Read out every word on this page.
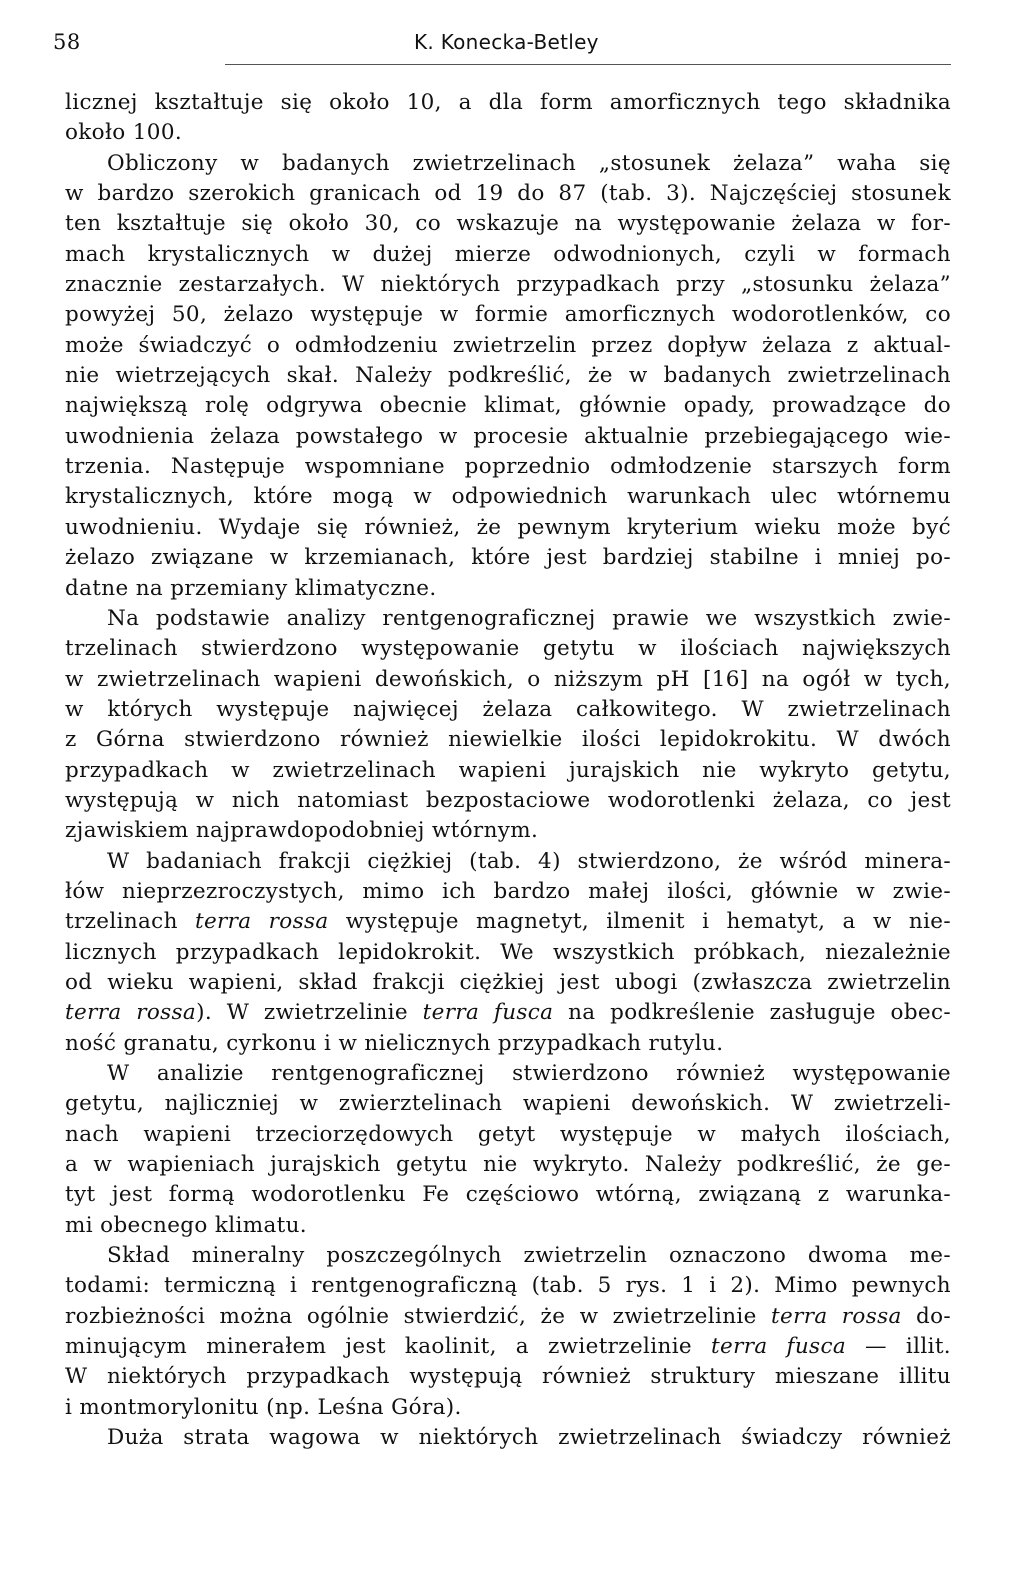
58	K. Konecka-Betley
licznej kształtuje się około 10, a dla form amorficznych tego składnika
około 100.
Obliczony w badanych zwietrzelinach „stosunek żelaza” waha się
w bardzo szerokich granicach od 19 do 87 (tab. 3). Najczęściej stosunek
ten kształtuje się około 30, co wskazuje na występowanie żelaza w for-
mach krystalicznych w dużej mierze odwodnionych, czyli w formach
znacznie zestarzałych. W niektórych przypadkach przy „stosunku żelaza”
powyżej 50, żelazo występuje w formie amorficznych wodorotlenków, co
może świadczyć o odmłodzeniu zwietrzelin przez dopływ żelaza z aktual-
nie wietrzejących skał. Należy podkreślić, że w badanych zwietrzelinach
największą rolę odgrywa obecnie klimat, głównie opady, prowadzące do
uwodnienia żelaza powstałego w procesie aktualnie przebiegającego wie-
trzenia. Następuje wspomniane poprzednio odmłodzenie starszych form
krystalicznych, które mogą w odpowiednich warunkach ulec wtórnemu
uwodnieniu. Wydaje się również, że pewnym kryterium wieku może być
żelazo związane w krzemianach, które jest bardziej stabilne i mniej po-
datne na przemiany klimatyczne.
Na podstawie analizy rentgenograficznej prawie we wszystkich zwie-
trzelinach stwierdzono występowanie getytu w ilościach największych
w zwietrzelinach wapieni dewońskich, o niższym pH [16] na ogół w tych,
w których występuje najwięcej żelaza całkowitego. W zwietrzelinach
z Górna stwierdzono również niewielkie ilości lepidokrokitu. W dwóch
przypadkach w zwietrzelinach wapieni jurajskich nie wykryto getytu,
występują w nich natomiast bezpostaciowe wodorotlenki żelaza, co jest
zjawiskiem najprawdopodobniej wtórnym.
W badaniach frakcji ciężkiej (tab. 4) stwierdzono, że wśród minera-
łów nieprzezroczystych, mimo ich bardzo małej ilości, głównie w zwie-
trzelinach terra rossa występuje magnetyt, ilmenit i hematyt, a w nie-
licznych przypadkach lepidokrokit. We wszystkich próbkach, niezależnie
od wieku wapieni, skład frakcji ciężkiej jest ubogi (zwłaszcza zwietrzelin
terra rossa). W zwietrzelinie terra fusca na podkreślenie zasługuje obec-
ność granatu, cyrkonu i w nielicznych przypadkach rutylu.
W analizie rentgenograficznej stwierdzono również występowanie
getytu, najliczniej w zwierztelinach wapieni dewońskich. W zwietrzeli-
nach wapieni trzeciorzędowych getyt występuje w małych ilościach,
a w wapieniach jurajskich getytu nie wykryto. Należy podkreślić, że ge-
tyt jest formą wodorotlenku Fe częściowo wtórną, związaną z warunka-
mi obecnego klimatu.
Skład mineralny poszczególnych zwietrzelin oznaczono dwoma me-
todami: termiczną i rentgenograficzną (tab. 5 rys. 1 i 2). Mimo pewnych
rozbieżności można ogólnie stwierdzić, że w zwietrzelinie terra rossa do-
minującym minerałem jest kaolinit, a zwietrzelinie terra fusca — illit.
W niektórych przypadkach występują również struktury mieszane illitu
i montmorylonitu (np. Leśna Góra).
Duża strata wagowa w niektórych zwietrzelinach świadczy również
